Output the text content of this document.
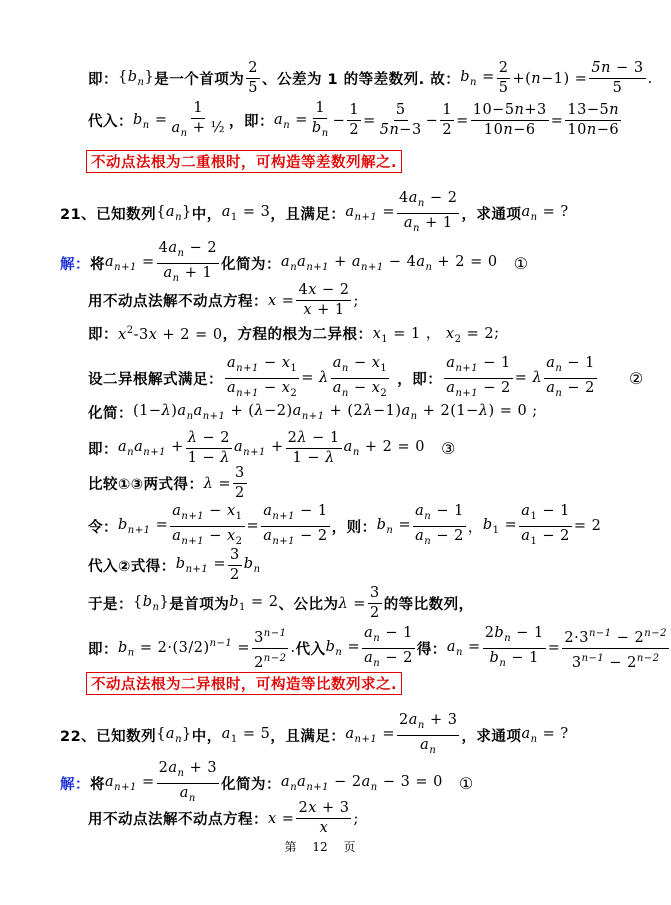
即： $\{b_n\}$ 是一个首项为 $\frac{2}{5}$ 、公差为 1 的等差数列. 故： $b_n = \frac{2}{5} +(n-1) = \frac{5n - 3}{5}$ .
代入： $b_n = \frac{1}{a_n + \frac{1}{2}}$ ，即： $a_n = \frac{1}{b_n} - \frac{1}{2} = \frac{5}{5n-3} - \frac{1}{2} = \frac{10-5n+3}{10n-6} = \frac{13-5n}{10n-6}$
不动点法根为二重根时，可构造等差数列解之.
21、已知数列 $\{a_n\}$ 中， $a_1 = 3$ ，且满足： $a_{n+1} = \frac{4a_n - 2}{a_n + 1}$ ，求通项 $a_n$ = ?
解： 将 $a_{n+1} = \frac{4a_n - 2}{a_n + 1}$ 化简为： $a_na_{n+1} + a_{n+1} - 4a_n + 2 = 0$ ①
用不动点法解不动点方程： $x = \frac{4x - 2}{x + 1}$ ;
即： $x^2-3x + 2 = 0$ ，方程的根为二异根： $x_1 = 1$ ， $x_2 = 2$ ;
设二异根解式满足： $\frac{a_{n+1} - x_1}{a_{n+1} - x_2} = \lambda \frac{a_n - x_1}{a_n - x_2}$ ，即： $\frac{a_{n+1} - 1}{a_{n+1} - 2} = \lambda \frac{a_n - 1}{a_n - 2}$ ②
化简： $(1-\lambda)a_na_{n+1} + (\lambda-2)a_{n+1} + (2\lambda-1)a_n + 2(1-\lambda) = 0$ ;
即： $a_na_{n+1} + \frac{\lambda - 2}{1 - \lambda} a_{n+1} + \frac{2\lambda - 1}{1 - \lambda} a_n + 2 = 0$ ③
比较①③两式得： $\lambda = \frac{3}{2}$
令： $b_{n+1} = \frac{a_{n+1} - x_1}{a_{n+1} - x_2} = \frac{a_{n+1} - 1}{a_{n+1} - 2}$ ，则： $b_n = \frac{a_n - 1}{a_n - 2}$ ， $b_1 = \frac{a_1 - 1}{a_1 - 2} = 2$
代入②式得： $b_{n+1} = \frac{3}{2} b_n$
于是： $\{b_n\}$ 是首项为 $b_1 = 2$ 、公比为 $\lambda = \frac{3}{2}$ 的等比数列，
即： $b_n = 2\cdot(3/2)^{n-1} = \frac{3^{n-1}}{2^{n-2}}$ . 代入 $b_n = \frac{a_n - 1}{a_n - 2}$ 得： $a_n = \frac{2b_n - 1}{b_n - 1} = \frac{2\cdot 3^{n-1} - 2^{n-2}}{3^{n-1} - 2^{n-2}}$
不动点法根为二异根时，可构造等比数列求之.
22、已知数列 $\{a_n\}$ 中， $a_1 = 5$ ，且满足： $a_{n+1} = \frac{2a_n + 3}{a_n}$ ，求通项 $a_n$ = ?
解： 将 $a_{n+1} = \frac{2a_n + 3}{a_n}$ 化简为： $a_na_{n+1} - 2a_n - 3 = 0$ ①
用不动点法解不动点方程： $x = \frac{2x + 3}{x}$ ;
第 12 页
